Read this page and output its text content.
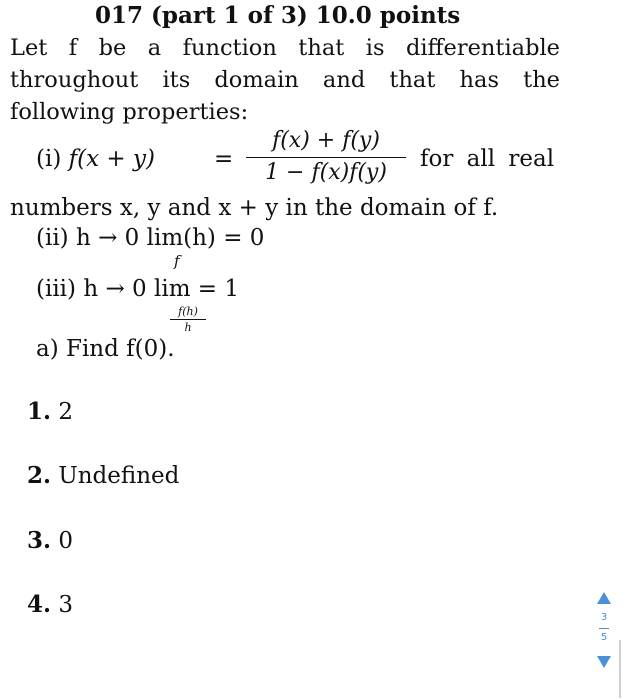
017 (part 1 of 3) 10.0 points
Let f be a function that is differentiable throughout its domain and that has the following properties:
(i) f(x + y)	=
f(x) + f(y)
1 − f(x)f(y)
for all real
numbers x, y and x + y in the domain of f.
(ii) h → 0 lim(h) = 0
f
(iii) h → 0 lim = 1
f(h)
h
a) Find f(0).
1. 2
2. Undefined
3. 0
4. 3	3
5
